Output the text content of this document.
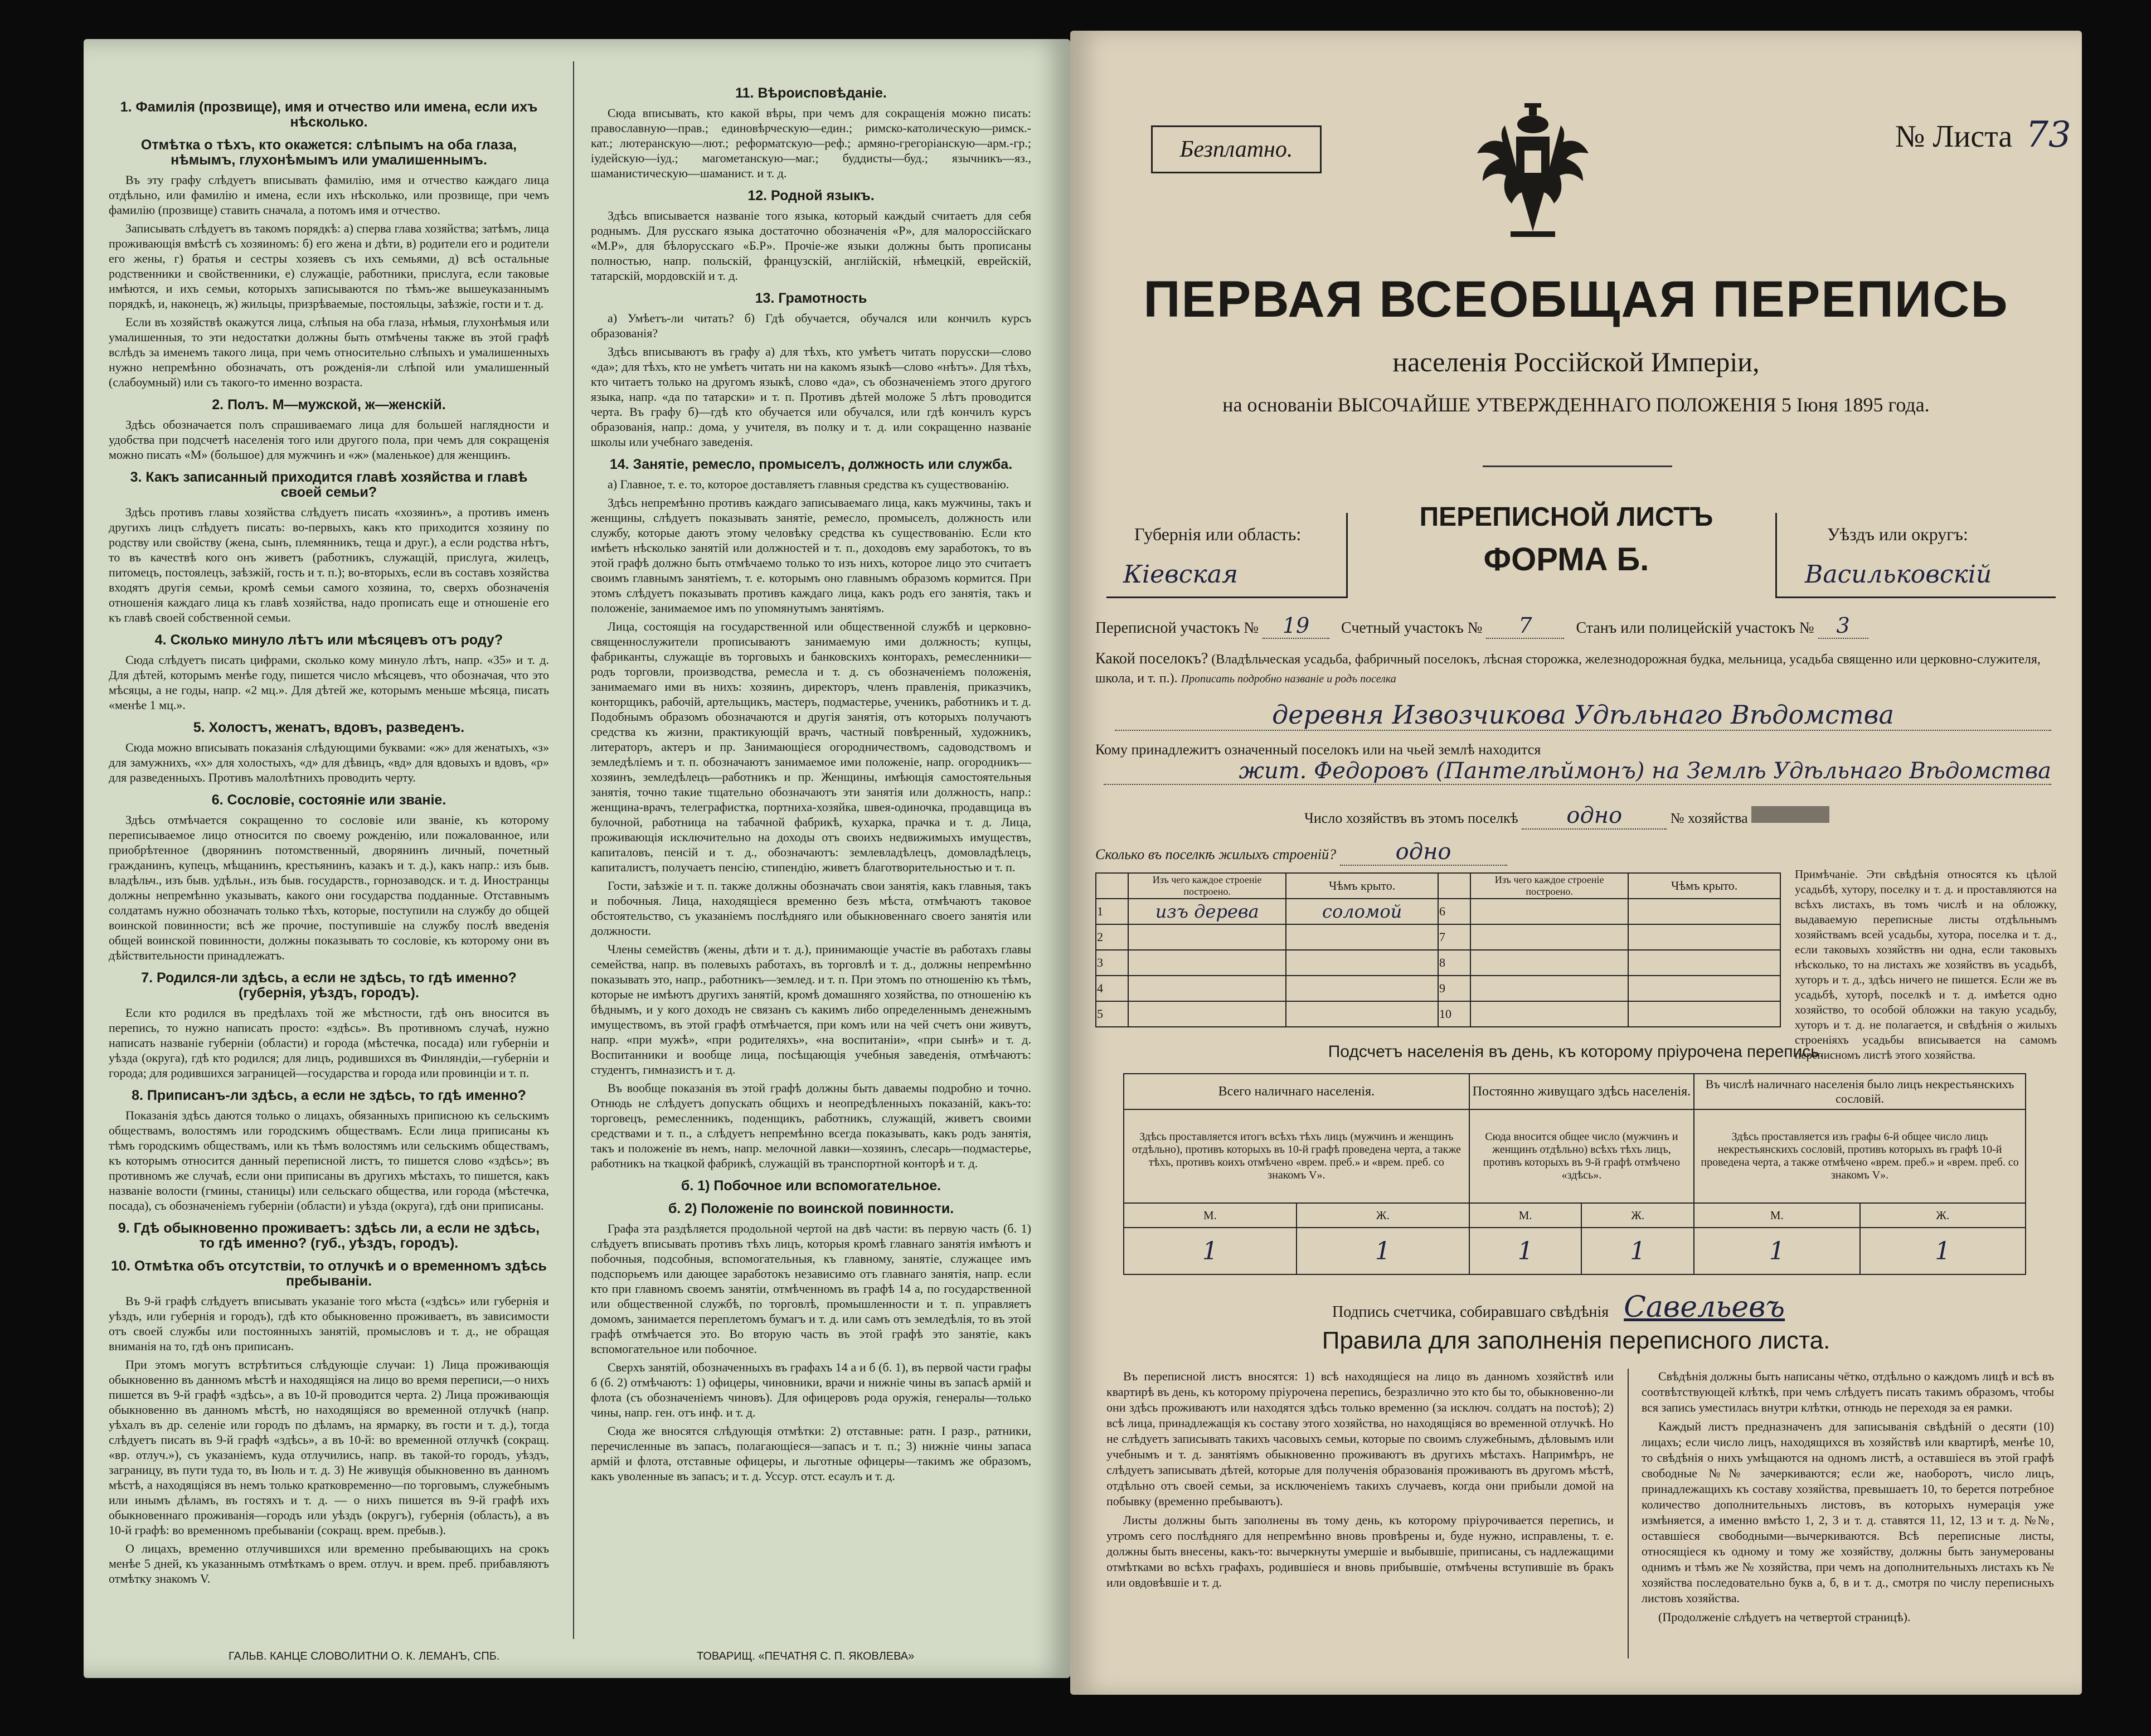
1. Фамилія (прозвище), имя и отчество или имена, если ихъ нѣсколько.
Отмѣтка о тѣхъ, кто окажется: слѣпымъ на оба глаза, нѣмымъ, глухонѣмымъ или умалишеннымъ.

Въ эту графу слѣдуетъ вписывать фамилію, имя и отчество каждаго лица отдѣльно, или фамилію и имена, если ихъ нѣсколько, или прозвище, при чемъ фамилію (прозвище) ставить сначала, а потомъ имя и отчество.

Записывать слѣдуетъ въ такомъ порядкѣ: а) сперва глава хозяйства; затѣмъ, лица проживающія вмѣстѣ съ хозяиномъ: б) его жена и дѣти, в) родители его и родители его жены, г) братья и сестры хозяевъ съ ихъ семьями, д) всѣ остальные родственники и свойственники, е) служащіе, работники, прислуга, если таковые имѣются, и ихъ семьи, которыхъ записываются по тѣмъ-же вышеуказаннымъ порядкѣ, и, наконецъ, ж) жильцы, призрѣваемые, постояльцы, заѣзжіе, гости и т. д.

Если въ хозяйствѣ окажутся лица, слѣпыя на оба глаза, нѣмыя, глухонѣмыя или умалишенныя, то эти недостатки должны быть отмѣчены также въ этой графѣ вслѣдъ за именемъ такого лица, при чемъ относительно слѣпыхъ и умалишенныхъ нужно непремѣнно обозначать, отъ рожденія-ли слѣпой или умалишенный (слабоумный) или съ такого-то именно возраста.

2. Полъ. М—мужской, ж—женскій.

Здѣсь обозначается полъ спрашиваемаго лица для большей наглядности и удобства при подсчетѣ населенія того или другого пола, при чемъ для сокращенія можно писать «М» (большое) для мужчинъ и «ж» (маленькое) для женщинъ.

3. Какъ записанный приходится главѣ хозяйства и главѣ своей семьи?

Здѣсь противъ главы хозяйства слѣдуетъ писать «хозяинъ», а противъ именъ другихъ лицъ слѣдуетъ писать: во-первыхъ, какъ кто приходится хозяину по родству или свойству (жена, сынъ, племянникъ, теща и друг.), а если родства нѣтъ, то въ качествѣ кого онъ живетъ (работникъ, служащій, прислуга, жилецъ, питомецъ, постоялецъ, заѣзжій, гость и т. п.); во-вторыхъ, если въ составъ хозяйства входятъ другія семьи, кромѣ семьи самого хозяина, то, сверхъ обозначенія отношенія каждаго лица къ главѣ хозяйства, надо прописать еще и отношеніе его къ главѣ своей собственной семьи.

4. Сколько минуло лѣтъ или мѣсяцевъ отъ роду?

Сюда слѣдуетъ писать цифрами, сколько кому минуло лѣтъ, напр. «35» и т. д. Для дѣтей, которымъ менѣе году, пишется число мѣсяцевъ, что обозначая, что это мѣсяцы, а не годы, напр. «2 мц.». Для дѣтей же, которымъ меньше мѣсяца, писать «менѣе 1 мц.».

5. Холостъ, женатъ, вдовъ, разведенъ.

Сюда можно вписывать показанія слѣдующими буквами: «ж» для женатыхъ, «з» для замужнихъ, «х» для холостыхъ, «д» для дѣвицъ, «вд» для вдовыхъ и вдовъ, «р» для разведенныхъ. Противъ малолѣтнихъ проводить черту.

6. Сословіе, состояніе или званіе.

Здѣсь отмѣчается сокращенно то сословіе или званіе, къ которому переписываемое лицо относится по своему рожденію, или пожалованное, или приобрѣтенное (дворянинъ потомственный, дворянинъ личный, почетный гражданинъ, купецъ, мѣщанинъ, крестьянинъ, казакъ и т. д.), какъ напр.: изъ быв. владѣльч., изъ быв. удѣльн., изъ быв. государств., горнозаводск. и т. д. Иностранцы должны непремѣнно указывать, какого они государства подданные. Отставнымъ солдатамъ нужно обозначать только тѣхъ, которые, поступили на службу до общей воинской повинности; всѣ же прочие, поступившіе на службу послѣ введенія общей воинской повинности, должны показывать то сословіе, къ которому они въ дѣйствительности принадлежатъ.

7. Родился-ли здѣсь, а если не здѣсь, то гдѣ именно? (губернія, уѣздъ, городъ).

Если кто родился въ предѣлахъ той же мѣстности, гдѣ онъ вносится въ перепись, то нужно написать просто: «здѣсь». Въ противномъ случаѣ, нужно написать названіе губерніи (области) и города (мѣстечка, посада) или губерніи и уѣзда (округа), гдѣ кто родился; для лицъ, родившихся въ Финляндіи,—губерніи и города; для родившихся заграницей—государства и города или провинціи и т. п.

8. Приписанъ-ли здѣсь, а если не здѣсь, то гдѣ именно?

Показанія здѣсь даются только о лицахъ, обязанныхъ приписною къ сельскимъ обществамъ, волостямъ или городскимъ обществамъ. Если лица приписаны къ тѣмъ городскимъ обществамъ, или къ тѣмъ волостямъ или сельскимъ обществамъ, къ которымъ относится данный переписной листъ, то пишется слово «здѣсь»; въ противномъ же случаѣ, если они приписаны въ другихъ мѣстахъ, то пишется, какъ названіе волости (гмины, станицы) или сельскаго общества, или города (мѣстечка, посада), съ обозначеніемъ губерніи (области) и уѣзда (округа), гдѣ они приписаны.

9. Гдѣ обыкновенно проживаетъ: здѣсь ли, а если не здѣсь, то гдѣ именно? (губ., уѣздъ, городъ).
10. Отмѣтка объ отсутствіи, то отлучкѣ и о временномъ здѣсь пребываніи.

Въ 9-й графѣ слѣдуетъ вписывать указаніе того мѣста («здѣсь» или губернія и уѣздъ, или губернія и городъ), гдѣ кто обыкновенно проживаетъ, въ зависимости отъ своей службы или постоянныхъ занятій, промысловъ и т. д., не обращая вниманія на то, гдѣ онъ приписанъ.

При этомъ могутъ встрѣтиться слѣдующіе случаи: 1) Лица проживающія обыкновенно въ данномъ мѣстѣ и находящіяся на лицо во время переписи,—о нихъ пишется въ 9-й графѣ «здѣсь», а въ 10-й проводится черта. 2) Лица проживающія обыкновенно въ данномъ мѣстѣ, но находящіяся во временной отлучкѣ (напр. уѣхалъ въ др. селеніе или городъ по дѣламъ, на ярмарку, въ гости и т. д.), тогда слѣдуетъ писать въ 9-й графѣ «здѣсь», а въ 10-й: во временной отлучкѣ (сокращ. «вр. отлуч.»), съ указаніемъ, куда отлучились, напр. въ такой-то городъ, уѣздъ, заграницу, въ пути тудa то, въ Іюль и т. д. 3) Не живущія обыкновенно въ данномъ мѣстѣ, а находящіяся въ немъ только кратковременно—по торговымъ, служебнымъ или инымъ дѣламъ, въ гостяхъ и т. д. — о нихъ пишется въ 9-й графѣ ихъ обыкновеннаго проживанія—городъ или уѣздъ (округъ), губернія (область), а въ 10-й графѣ: во временномъ пребываніи (сокращ. врем. пребыв.).

О лицахъ, временно отлучившихся или временно пребывающихъ на срокъ менѣе 5 дней, къ указаннымъ отмѣткамъ о врем. отлуч. и врем. преб. прибавляютъ отмѣтку знакомъ V.

11. Вѣроисповѣданіе.

Сюда вписывать, кто какой вѣры, при чемъ для сокращенія можно писать: православную—прав.; единовѣрческую—един.; римско-католическую—римск.-кат.; лютеранскую—лют.; реформатскую—реф.; армяно-грегоріанскую—арм.-гр.; іудейскую—іуд.; магометанскую—маг.; буддисты—буд.; язычникъ—яз., шаманистическую—шаманист. и т. д.

12. Родной языкъ.

Здѣсь вписывается названіе того языка, который каждый считаетъ для себя роднымъ. Для русскаго языка достаточно обозначенія «Р», для малороссійскаго «М.Р», для бѣлорусскаго «Б.Р». Прочіе-же языки должны быть прописаны полностью, напр. польскій, французскій, англійскій, нѣмецкій, еврейскій, татарскій, мордовскій и т. д.

13. Грамотность

а) Умѣетъ-ли читать? б) Гдѣ обучается, обучался или кончилъ курсъ образованія?

Здѣсь вписываютъ въ графу а) для тѣхъ, кто умѣетъ читать порусски—слово «да»; для тѣхъ, кто не умѣетъ читать ни на какомъ языкѣ—слово «нѣтъ». Для тѣхъ, кто читаетъ только на другомъ языкѣ, слово «да», съ обозначеніемъ этого другого языка, напр. «да по татарски» и т. п. Противъ дѣтей моложе 5 лѣтъ проводится черта. Въ графу б)—гдѣ кто обучается или обучался, или гдѣ кончилъ курсъ образованія, напр.: дома, у учителя, въ полку и т. д. или сокращенно названіе школы или учебнаго заведенія.

14. Занятіе, ремесло, промыселъ, должность или служба.

а) Главное, т. е. то, которое доставляетъ главныя средства къ существованію.

Здѣсь непремѣнно противъ каждаго записываемаго лица, какъ мужчины, такъ и женщины, слѣдуетъ показывать занятіе, ремесло, промыселъ, должность или службу, которые даютъ этому человѣку средства къ существованію. Если кто имѣетъ нѣсколько занятій или должностей и т. п., доходовъ ему заработокъ, то въ этой графѣ должно быть отмѣчаемо только то изъ нихъ, которое лицо это считаетъ своимъ главнымъ занятіемъ, т. е. которымъ оно главнымъ образомъ кормится. При этомъ слѣдуетъ показывать противъ каждаго лица, какъ родъ его занятія, такъ и положеніе, занимаемое имъ по упомянутымъ занятіямъ.

Лица, состоящія на государственной или общественной службѣ и церковно-священнослужители прописываютъ занимаемую ими должность; купцы, фабриканты, служащіе въ торговыхъ и банковскихъ конторахъ, ремесленники—родъ торговли, производства, ремесла и т. д. съ обозначеніемъ положенія, занимаемаго ими въ нихъ: хозяинъ, директоръ, членъ правленія, приказчикъ, конторщикъ, рабочій, артельщикъ, мастеръ, подмастерье, ученикъ, работникъ и т. д. Подобнымъ образомъ обозначаются и другія занятія, отъ которыхъ получаютъ средства къ жизни, практикующій врачъ, частный повѣренный, художникъ, литераторъ, актеръ и пр. Занимающіеся огородничествомъ, садоводствомъ и земледѣліемъ и т. п. обозначаютъ занимаемое ими положеніе, напр. огородникъ—хозяинъ, земледѣлецъ—работникъ и пр. Женщины, имѣющія самостоятельныя занятія, точно такие тщательно обозначаютъ эти занятія или должность, напр.: женщина-врачъ, телеграфистка, портниха-хозяйка, швея-одиночка, продавщица въ булочной, работница на табачной фабрикѣ, кухарка, прачка и т. д. Лица, проживающія исключительно на доходы отъ своихъ недвижимыхъ имуществъ, капиталовъ, пенсій и т. д., обозначаютъ: землевладѣлецъ, домовладѣлецъ, капиталистъ, получаетъ пенсію, стипендію, живетъ благотворительностью и т. п.

Гости, заѣзжіе и т. п. также должны обозначать свои занятія, какъ главныя, такъ и побочныя. Лица, находящіеся временно безъ мѣста, отмѣчаютъ таковое обстоятельство, съ указаніемъ послѣдняго или обыкновеннаго своего занятія или должности.

Члены семействъ (жены, дѣти и т. д.), принимающіе участіе въ работахъ главы семейства, напр. въ полевыхъ работахъ, въ торговлѣ и т. д., должны непремѣнно показывать это, напр., работникъ—землед. и т. п. При этомъ по отношенію къ тѣмъ, которые не имѣютъ другихъ занятій, кромѣ домашняго хозяйства, по отношенію къ бѣднымъ, и у кого доходъ не связанъ съ какимъ либо определеннымъ денежнымъ имуществомъ, въ этой графѣ отмѣчается, при комъ или на чей счетъ они живутъ, напр. «при мужѣ», «при родителяхъ», «на воспитаніи», «при сынѣ» и т. д. Воспитанники и вообще лица, посѣщающія учебныя заведенія, отмѣчаютъ: студентъ, гимназистъ и т. д.

Въ вообще показанія въ этой графѣ должны быть даваемы подробно и точно. Отнюдь не слѣдуетъ допускать общихъ и неопредѣленныхъ показаній, какъ-то: торговецъ, ремесленникъ, поденщикъ, работникъ, служащій, живетъ своими средствами и т. п., а слѣдуетъ непремѣнно всегда показывать, какъ родъ занятія, такъ и положеніе въ немъ, напр. мелочной лавки—хозяинъ, слесарь—подмастерье, работникъ на ткацкой фабрикѣ, служащій въ транспортной конторѣ и т. д.

б. 1) Побочное или вспомогательное.
б. 2) Положеніе по воинской повинности.

Графа эта раздѣляется продольной чертой на двѣ части: въ первую часть (б. 1) слѣдуетъ вписывать противъ тѣхъ лицъ, которыя кромѣ главнаго занятія имѣютъ и побочныя, подсобныя, вспомогательныя, къ главному, занятіе, служащее имъ подспорьемъ или дающее заработокъ независимо отъ главнаго занятія, напр. если кто при главномъ своемъ занятіи, отмѣченномъ въ графѣ 14 а, по государственной или общественной службѣ, по торговлѣ, промышленности и т. п. управляетъ домомъ, занимается переплетомъ бумагъ и т. д. или самъ отъ земледѣлія, то въ этой графѣ отмѣчается это. Во вторую часть въ этой графѣ это занятіе, какъ вспомогательное или побочное.

Сверхъ занятій, обозначенныхъ въ графахъ 14 а и б (б. 1), въ первой части графы б (б. 2) отмѣчаютъ: 1) офицеры, чиновники, врачи и нижніе чины въ запасѣ армій и флота (съ обозначеніемъ чиновъ). Для офицеровъ рода оружія, генералы—только чины, напр. ген. отъ инф. и т. д.

Сюда же вносятся слѣдующія отмѣтки: 2) отставные: ратн. I разр., ратники, перечисленные въ запасъ, полагающiеся—запасъ и т. п.; 3) нижніе чины запаса армій и флота, отставные офицеры, и льготные офицеры—такимъ же образомъ, какъ уволенные въ запасъ; и т. д. Уссур. отст. есаулъ и т. д.

ГАЛЬВ. КАНЦЕ СЛОВОЛИТНИ О. К. ЛЕМАНЪ, СПБ.	ТОВАРИЩ. «ПЕЧАТНЯ С. П. ЯКОВЛЕВА»
Безплатно.	№ Листа 73
ПЕРВАЯ ВСЕОБЩАЯ ПЕРЕПИСЬ
населенія Россійской Имперіи,
на основаніи ВЫСОЧАЙШЕ УТВЕРЖДЕННАГО ПОЛОЖЕНІЯ 5 Іюня 1895 года.
Губернія или область:
Кіевская
ПЕРЕПИСНОЙ ЛИСТЪ
ФОРМА Б.
Уѣздъ или округъ:
Васильковскій
Переписной участокъ № 19 Счетный участокъ № 7	Станъ или полицейскій участокъ № 3
Какой поселокъ? (Владѣльческая усадьба, фабричный поселокъ, лѣсная сторожка, железнодорожная будка, мельница, усадьба священно или церковно-служителя, школа, и т. п.). Прописать подробно названіе и родъ поселка
деревня Извозчикова Удѣльнаго Вѣдомства
Кому принадлежитъ означенный поселокъ или на чьей землѣ находится
жит. Федоровъ (Пантелѣймонъ) на Землѣ Удѣльнаго Вѣдомства
Число хозяйствъ въ этомъ поселкѣ одно	№ хозяйства
Сколько въ поселкѣ жилыхъ строеній?	одно
	Изъ чего каждое строеніе построено.	Чѣмъ крыто.		Изъ чего каждое строеніе построено.	Чѣмъ крыто.
1	изъ дерева	соломой	6		
2			7		
3			8		
4			9		
5			10		
Примѣчаніе. Эти свѣдѣнія относятся къ цѣлой усадьбѣ, хутору, поселку и т. д. и проставляются на всѣхъ листахъ, въ томъ числѣ и на обложку, выдаваемую переписные листы отдѣльнымъ хозяйствамъ всей усадьбы, хутора, поселка и т. д., если таковыхъ хозяйствъ ни одна, если таковыхъ нѣсколько, то на листахъ же хозяйствъ въ усадьбѣ, хуторъ и т. д., здѣсь ничего не пишется. Если же въ усадьбѣ, хуторѣ, поселкѣ и т. д. имѣется одно хозяйство, то особой обложки на такую усадьбу, хуторъ и т. д. не полагается, и свѣдѣнія о жилыхъ строеніяхъ усадьбы вписывается на самомъ переписномъ листѣ этого хозяйства.
Подсчетъ населенія въ день, къ которому пріурочена перепись.
Всего наличнаго населенія.		Постоянно живущаго здѣсь населенія.		Въ числѣ наличнаго населенія было лицъ некрестьянскихъ сословій.	
Здѣсь проставляется итогъ всѣхъ тѣхъ лицъ (мужчинъ и женщинъ отдѣльно), противъ которыхъ въ 10-й графѣ проведена черта, а также тѣхъ, противъ коихъ отмѣчено «врем. преб.» и «врем. преб. со знакомъ V».		Сюда вносится общее число (мужчинъ и женщинъ отдѣльно) всѣхъ тѣхъ лицъ, противъ которыхъ въ 9-й графѣ отмѣчено «здѣсь».		Здѣсь проставляется изъ графы 6-й общее число лицъ некрестьянскихъ сословій, противъ которыхъ въ графѣ 10-й проведена черта, а также отмѣчено «врем. преб.» и «врем. преб. со знакомъ V».	
М.	Ж.	М.	Ж.	М.	Ж.
1	1	1	1	1	1
Подпись счетчика, собиравшаго свѣдѣнія Савельевъ
Правила для заполненія переписного листа.

Въ переписной листъ вносятся: 1) всѣ находящіеся на лицо въ данномъ хозяйствѣ или квартирѣ въ день, къ которому пріурочена перепись, безразлично это кто бы то, обыкновенно-ли они здѣсь проживаютъ или находятся здѣсь только временно (за исключ. солдатъ на постоѣ); 2) всѣ лица, принадлежащія къ составу этого хозяйства, но находящіяся во временной отлучкѣ. Но не слѣдуетъ записывать такихъ часовыхъ семьи, которые по своимъ служебнымъ, дѣловымъ или учебнымъ и т. д. занятіямъ обыкновенно проживаютъ въ другихъ мѣстахъ. Напримѣръ, не слѣдуетъ записывать дѣтей, которые для полученія образованія проживаютъ въ другомъ мѣстѣ, отдѣльно отъ своей семьи, за исключеніемъ такихъ случаевъ, когда они прибыли домой на побывку (временно пребываютъ).

Листы должны быть заполнены въ тому день, къ которому пріурочивается перепись, и утромъ сего послѣдняго для непремѣнно вновь провѣрены и, буде нужно, исправлены, т. е. должны быть внесены, какъ-то: вычеркнуты умершіе и выбывшіе, приписаны, съ надлежащими отмѣтками во всѣхъ графахъ, родившіеся и вновь прибывшіе, отмѣчены вступившіе въ бракъ или овдовѣвшіе и т. д.

Свѣдѣнія должны быть написаны чётко, отдѣльно о каждомъ лицѣ и всѣ въ соотвѣтствующей клѣткѣ, при чемъ слѣдуетъ писать такимъ образомъ, чтобы вся запись уместилась внутри клѣтки, отнюдь не переходя за ея рамки.

Каждый листъ предназначенъ для записыванія свѣдѣній о десяти (10) лицахъ; если число лицъ, находящихся въ хозяйствѣ или квартирѣ, менѣе 10, то свѣдѣнія о нихъ умѣщаются на одномъ листѣ, а оставшіеся въ этой графѣ свободные №№ зачеркиваются; если же, наоборотъ, число лицъ, принадлежащихъ къ составу хозяйства, превышаетъ 10, то берется потребное количество дополнительныхъ листовъ, въ которыхъ нумерація уже измѣняется, а именно вмѣсто 1, 2, 3 и т. д. ставятся 11, 12, 13 и т. д. №№, оставшіеся свободными—вычеркиваются. Всѣ переписные листы, относящіеся къ одному и тому же хозяйству, должны быть занумерованы однимъ и тѣмъ же № хозяйства, при чемъ на дополнительныхъ листахъ къ № хозяйства последовательно букв а, б, в и т. д., смотря по числу переписныхъ листовъ хозяйства.

(Продолженіе слѣдуетъ на четвертой страницѣ).
